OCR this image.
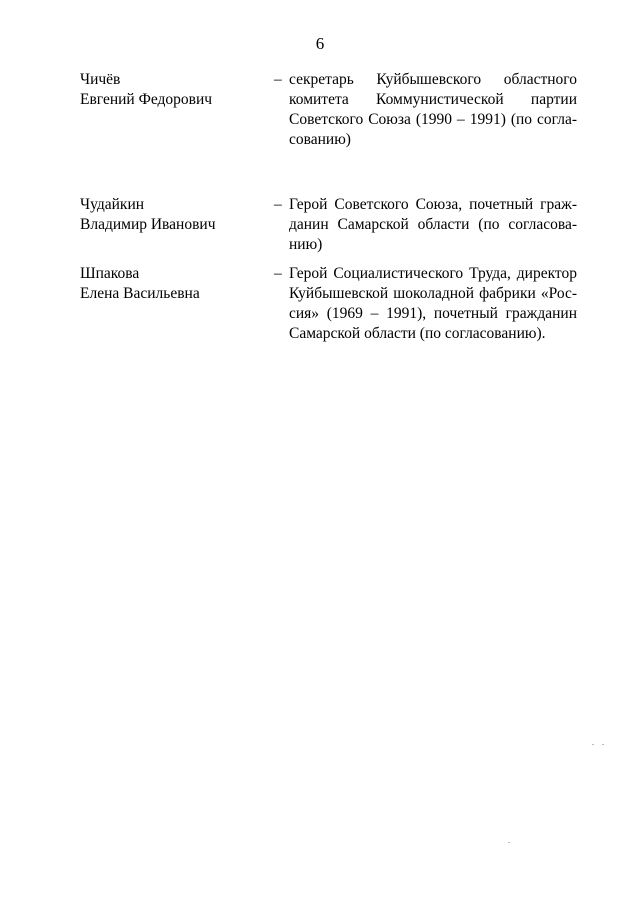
6
Чичёв
Евгений Федорович
– секретарь Куйбышевского областного
комитета Коммунистической партии
Советского Союза (1990 – 1991) (по согла-
сованию)
Чудайкин
Владимир Иванович
– Герой Советского Союза, почетный граж-
данин Самарской области (по согласова-
нию)
Шпакова
Елена Васильевна
– Герой Социалистического Труда, директор
Куйбышевской шоколадной фабрики «Рос-
сия» (1969 – 1991), почетный гражданин
Самарской области (по согласованию).
